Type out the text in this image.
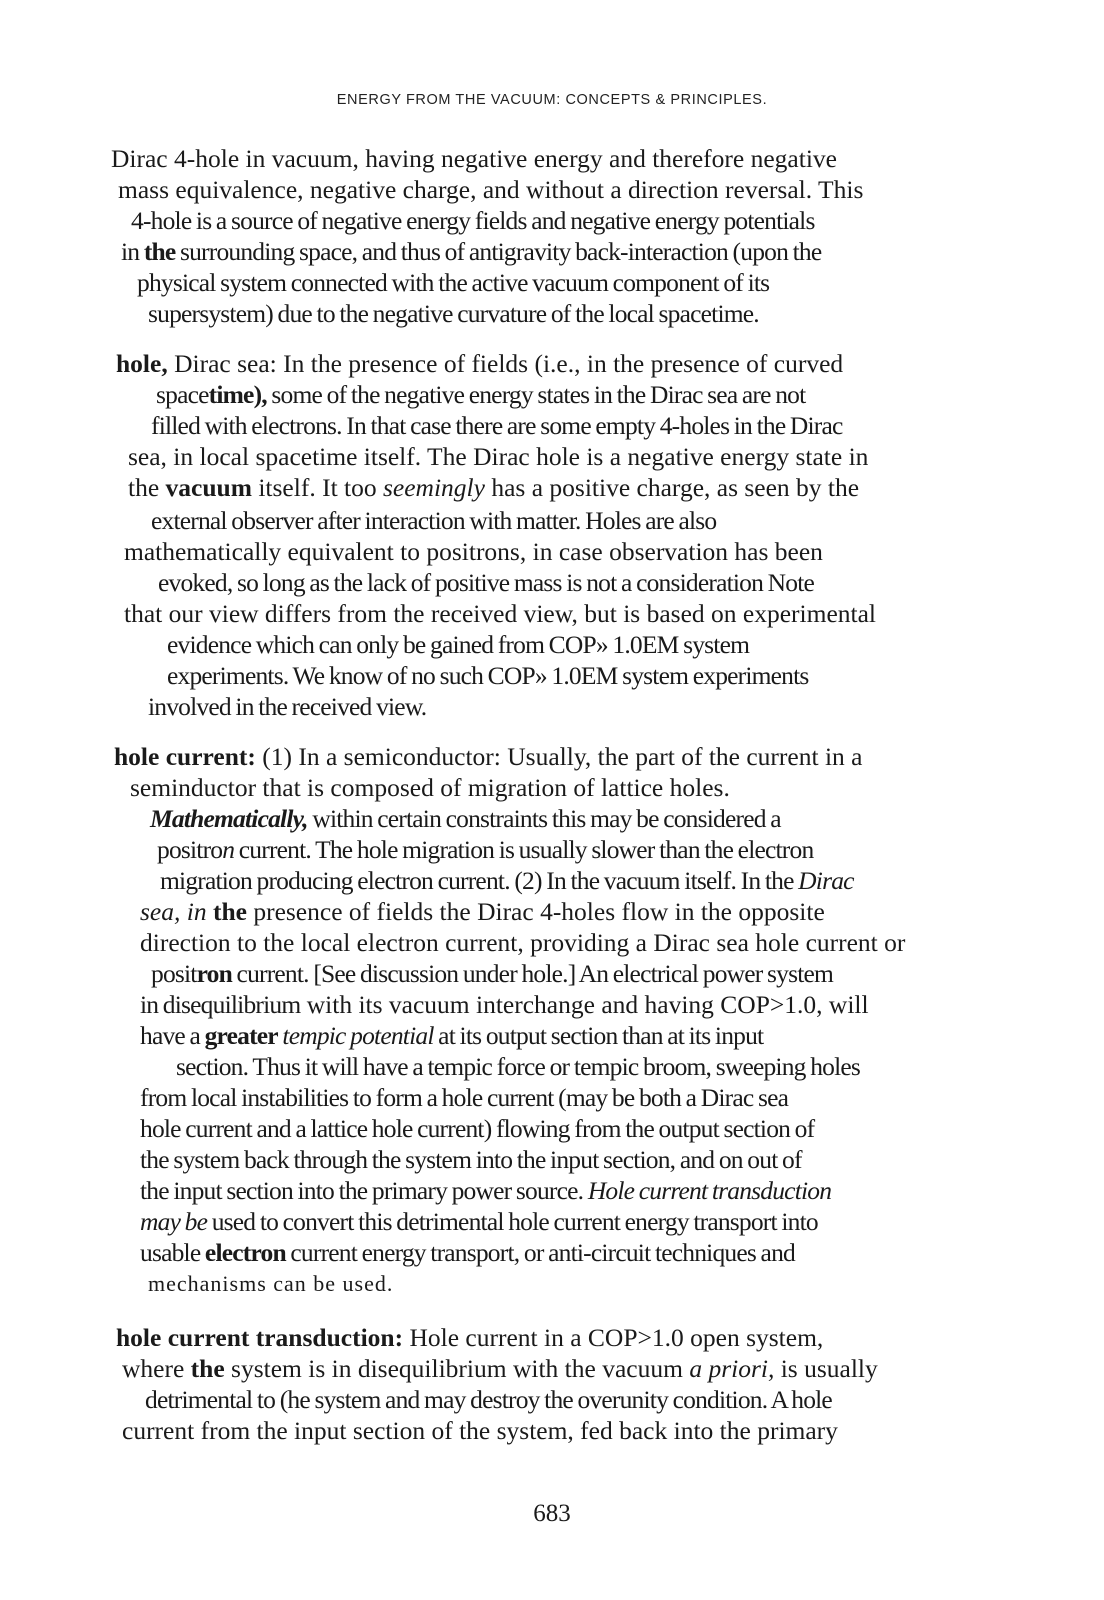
ENERGY FROM THE VACUUM: CONCEPTS & PRINCIPLES.
Dirac 4-hole in vacuum, having negative energy and therefore negative
mass equivalence, negative charge, and without a direction reversal. This
4-hole is a source of negative energy fields and negative energy potentials
in the surrounding space, and thus of antigravity back-interaction (upon the
physical system connected with the active vacuum component of its
supersystem) due to the negative curvature of the local spacetime.
hole, Dirac sea: In the presence of fields (i.e., in the presence of curved
spacetime), some of the negative energy states in the Dirac sea are not
filled with electrons. In that case there are some empty 4-holes in the Dirac
sea, in local spacetime itself. The Dirac hole is a negative energy state in
the vacuum itself. It too seemingly has a positive charge, as seen by the
external observer after interaction with matter. Holes are also
mathematically equivalent to positrons, in case observation has been
evoked, so long as the lack of positive mass is not a consideration Note
that our view differs from the received view, but is based on experimental
evidence which can only be gained from COP» 1.0EM system
experiments. We know of no such COP» 1.0EM system experiments
involved in the received view.
hole current: (1) In a semiconductor: Usually, the part of the current in a
seminductor that is composed of migration of lattice holes.
Mathematically, within certain constraints this may be considered a
positron current. The hole migration is usually slower than the electron
migration producing electron current. (2) In the vacuum itself. In the Dirac
sea, in the presence of fields the Dirac 4-holes flow in the opposite
direction to the local electron current, providing a Dirac sea hole current or
positron current. [See discussion under hole.] An electrical power system
in disequilibrium with its vacuum interchange and having COP>1.0, will
have a greater tempic potential at its output section than at its input
section. Thus it will have a tempic force or tempic broom, sweeping holes
from local instabilities to form a hole current (may be both a Dirac sea
hole current and a lattice hole current) flowing from the output section of
the system back through the system into the input section, and on out of
the input section into the primary power source. Hole current transduction
may be used to convert this detrimental hole current energy transport into
usable electron current energy transport, or anti-circuit techniques and
mechanisms can be used.
hole current transduction: Hole current in a COP>1.0 open system,
where the system is in disequilibrium with the vacuum a priori, is usually
detrimental to (he system and may destroy the overunity condition. A hole
current from the input section of the system, fed back into the primary
683
